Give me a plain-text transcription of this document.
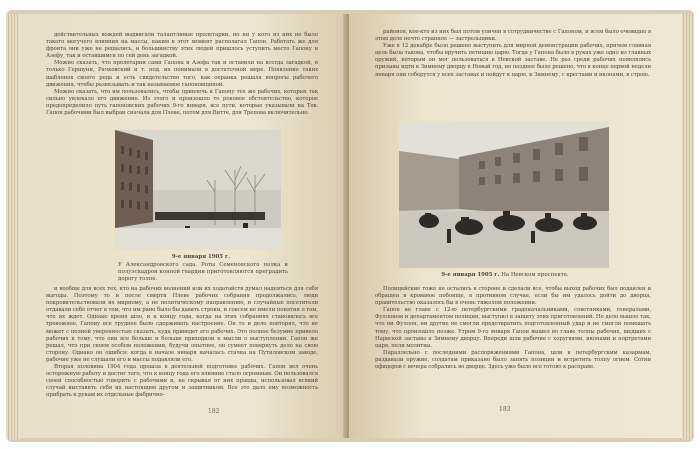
действительных вождей выдвигали талантливые пролетарии, но ни у кого из них не было такого могучего влияния на массы, каким в этот момент располагал Гапон. Работать же для фронта они уже не решались, и большинству этих людей пришлось уступить место Гапону и Азефу, так и оставшимся по сей день загадкой.

Можно сказать, что пролетарии сами Гапона и Азефа так и оставили на всегда загадкой, и только Гершуни, Рачковский и т. под. их понимали в достаточной мере. Появление таких шаблонов своего рода и есть свидетельство того, как охранка решала вопросы рабочего движения, чтобы развязывать и так называемое гапоновщиной.

Можно сказать, что им пользовались, чтобы привлечь к Гапону тех же рабочих, которых так сильно увлекало его движение. Из этого и произошло то роковое обстоятельство, которое предопределило путь гапоновских рабочих 9-го января, все пути, которые указывали на Тов. Гапон рабочими был выбран сначала для Плеве, потом для Витте, для Трепова включительно.

9-е января 1905 г.
У Александровского сада. Роты Семеновского полка и полуэскадрон конной гвардии приготовляются преградить дорогу толпе.

и вообще для всех тех, кто на рабочих волнений или их ходатайств думал надеяться для себя выгоды. Поэтому то и после смерти Плеве рабочих собрания продолжались, люди покровительствовали их мирному, а не политическому направлению, и случайные посетители отдавали себе отчет в том, что им рано было бы давать строки, и совсем не имели понятия о том, что их ждет. Однако время шло, и к концу года, когда на этих собраниях становилось все тревожнее, Гапону все труднее было сдерживать настроение. Он то и дело повторял, что не может с полной уверенностью сказать, куда приведет его рабочих. Это полное безумие привело рабочих к тому, что они все больше и больше приходили к мысли о выступлении. Гапон же решал, что при своем особом положении, будучи опытнее, он сумеет повернуть дело на свою сторону. Однако он ошибся: когда в начале января началась стачка на Путиловском заводе, рабочие уже не слушали его и массы подавляли его.

Вторая половина 1904 года прошла в деятельной подготовке рабочих. Гапон вел очень осторожную работу и достиг того, что к концу года его влияние стало огромным. Он пользовался своей способностью говорить с рабочими и, не скрывая от них правды, использовал всякий случай выставить себя их настоящим другом и защитником. Все это дало ему возможность прибрать к рукам их отдельные фабрично-

182

районов, кое-кто из них был потом уличен в сотрудничестве с Гапоном, и всем было очевидно в этом деле нечто странное — застрельщики.

Уже в 12 декабре было решено выступить для мирной демонстрации рабочих, причем главная цель была такова, чтобы вручить петицию царю. Тогда у Гапона было в руках уже одно из главных оружий, которым он мог пользоваться в Невской заставе. Не раз среди рабочих появлялись призывы идти к Зимнему дворцу в Новый год, но позднее было решено, что в конце первой недели января они соберутся у всех заставах и пойдут к царю, к Зимнему, с крестами и иконами, в строю.

9-е января 1905 г. На Невском проспекте.

Полицейские тоже не остались в стороне и сделали все, чтобы выход рабочих был подавлен и обращен в кровавое побоище, в противном случае, если бы им удалось дойти до дворца, правительство оказалось бы в очень тяжелом положении.

Гапон во главе с 12-ю петербургскими градоначальниками, советниками, генералами, Фуллоном и департаментом полиции, выступил в защиту этих приготовлений. Но дело вышло так, что ни Фуллон, ни другие не смогли предотвратить подготовленный удар и не смогли помешать тому, что произошло позже. Утром 9-го января Гапон вышел во главе толпы рабочих, шедших с Нарвской заставы к Зимнему дворцу. Впереди шли рабочие с хоругвями, иконами и портретами царя, пели молитвы.

Параллельно с последними распоряжениями Гапона, шли к петербургским казармам, раздавали оружие, солдатам приказано было занять позиции и встретить толпу огнем. Сотни офицеров с вечера собрались во дворце. Здесь уже было все готово к расправе.

183
